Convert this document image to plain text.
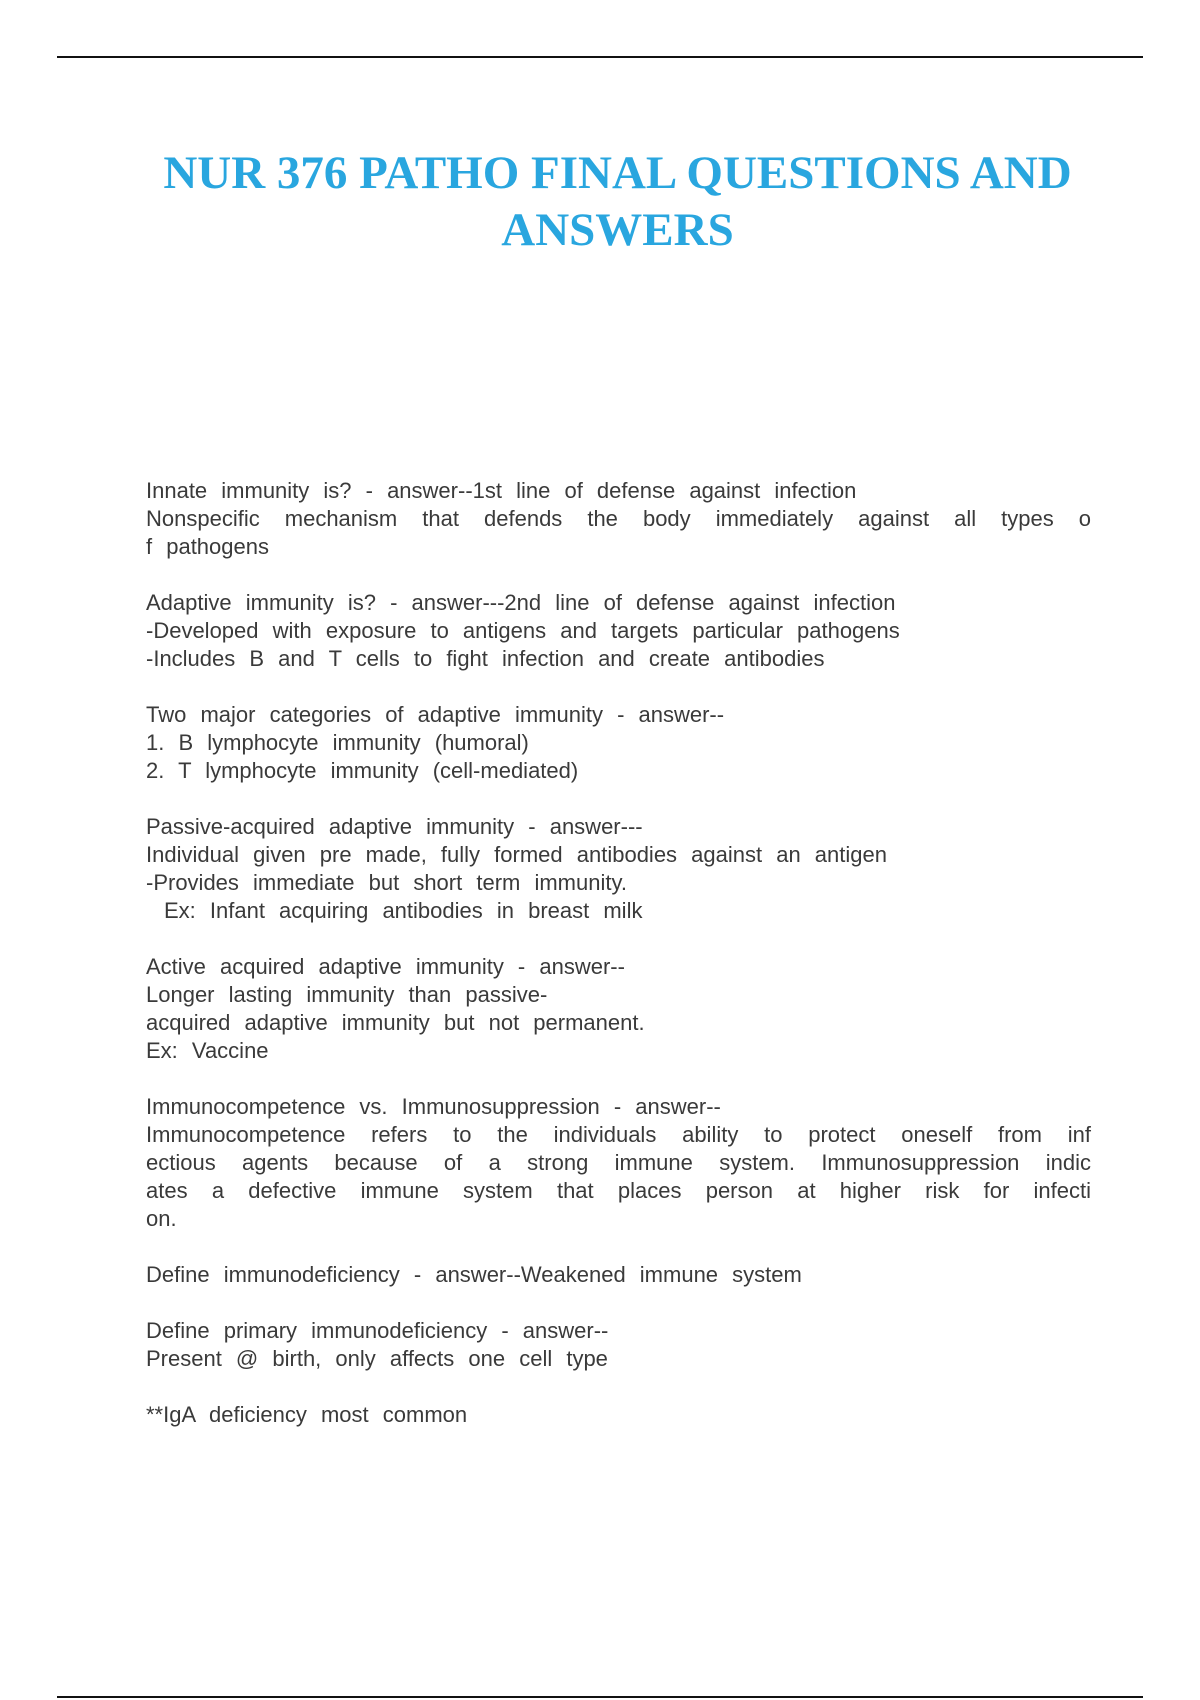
NUR 376 PATHO FINAL QUESTIONS AND ANSWERS
Innate immunity is? - answer--1st line of defense against infection
Nonspecific mechanism that defends the body immediately against all types o
f pathogens
Adaptive immunity is? - answer---2nd line of defense against infection
-Developed with exposure to antigens and targets particular pathogens
-Includes B and T cells to fight infection and create antibodies
Two major categories of adaptive immunity - answer--
1. B lymphocyte immunity (humoral)
2. T lymphocyte immunity (cell-mediated)
Passive-acquired adaptive immunity - answer---
Individual given pre made, fully formed antibodies against an antigen
-Provides immediate but short term immunity.
Ex: Infant acquiring antibodies in breast milk
Active acquired adaptive immunity - answer--
Longer lasting immunity than passive-
acquired adaptive immunity but not permanent.
Ex: Vaccine
Immunocompetence vs. Immunosuppression - answer--
Immunocompetence refers to the individuals ability to protect oneself from inf
ectious agents because of a strong immune system. Immunosuppression indic
ates a defective immune system that places person at higher risk for infecti
on.
Define immunodeficiency - answer--Weakened immune system
Define primary immunodeficiency - answer--
Present @ birth, only affects one cell type
**IgA deficiency most common
